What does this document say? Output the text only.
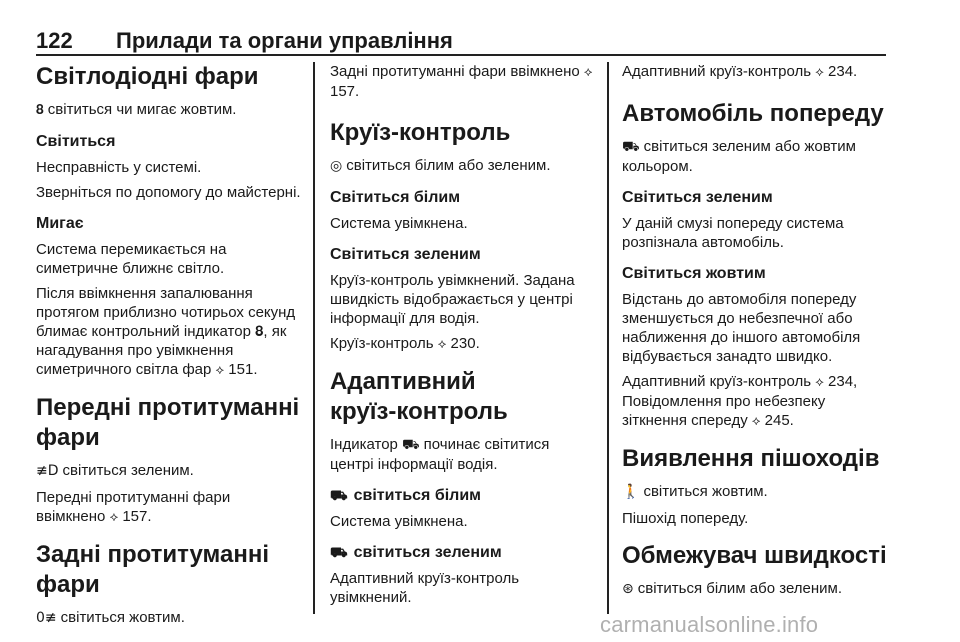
122 Прилади та органи управління
Світлодіодні фари
𝟖 світиться чи мигає жовтим.
Світиться
Несправність у системі.
Зверніться по допомогу до майстерні.
Мигає
Система перемикається на симетричне ближнє світло.
Після ввімкнення запалювання протягом приблизно чотирьох секунд блимає контрольний індикатор 𝟖, як нагадування про увімкнення симетричного світла фар ⟡ 151.
Передні протитуманні фари
≢D світиться зеленим.
Передні протитуманні фари ввімкнено ⟡ 157.
Задні протитуманні фари
0≢ світиться жовтим.
Задні протитуманні фари ввімкнено ⟡ 157.
Круїз-контроль
◎ світиться білим або зеленим.
Світиться білим
Система увімкнена.
Світиться зеленим
Круїз-контроль увімкнений. Задана швидкість відображається у центрі інформації для водія.
Круїз-контроль ⟡ 230.
Адаптивний
круїз-контроль
Індикатор ⛟ починає світитися центрі інформації водія.
⛟ світиться білим
Система увімкнена.
⛟ світиться зеленим
Адаптивний круїз-контроль увімкнений.
Адаптивний круїз-контроль ⟡ 234.
Автомобіль попереду
⛟ світиться зеленим або жовтим кольором.
Світиться зеленим
У даній смузі попереду система розпізнала автомобіль.
Світиться жовтим
Відстань до автомобіля попереду зменшується до небезпечної або наближення до іншого автомобіля відбувається занадто швидко.
Адаптивний круїз-контроль ⟡ 234, Повідомлення про небезпеку зіткнення спереду ⟡ 245.
Виявлення пішоходів
🚶 світиться жовтим.
Пішохід попереду.
Обмежувач швидкості
⊛ світиться білим або зеленим.
carmanualsonline.info
